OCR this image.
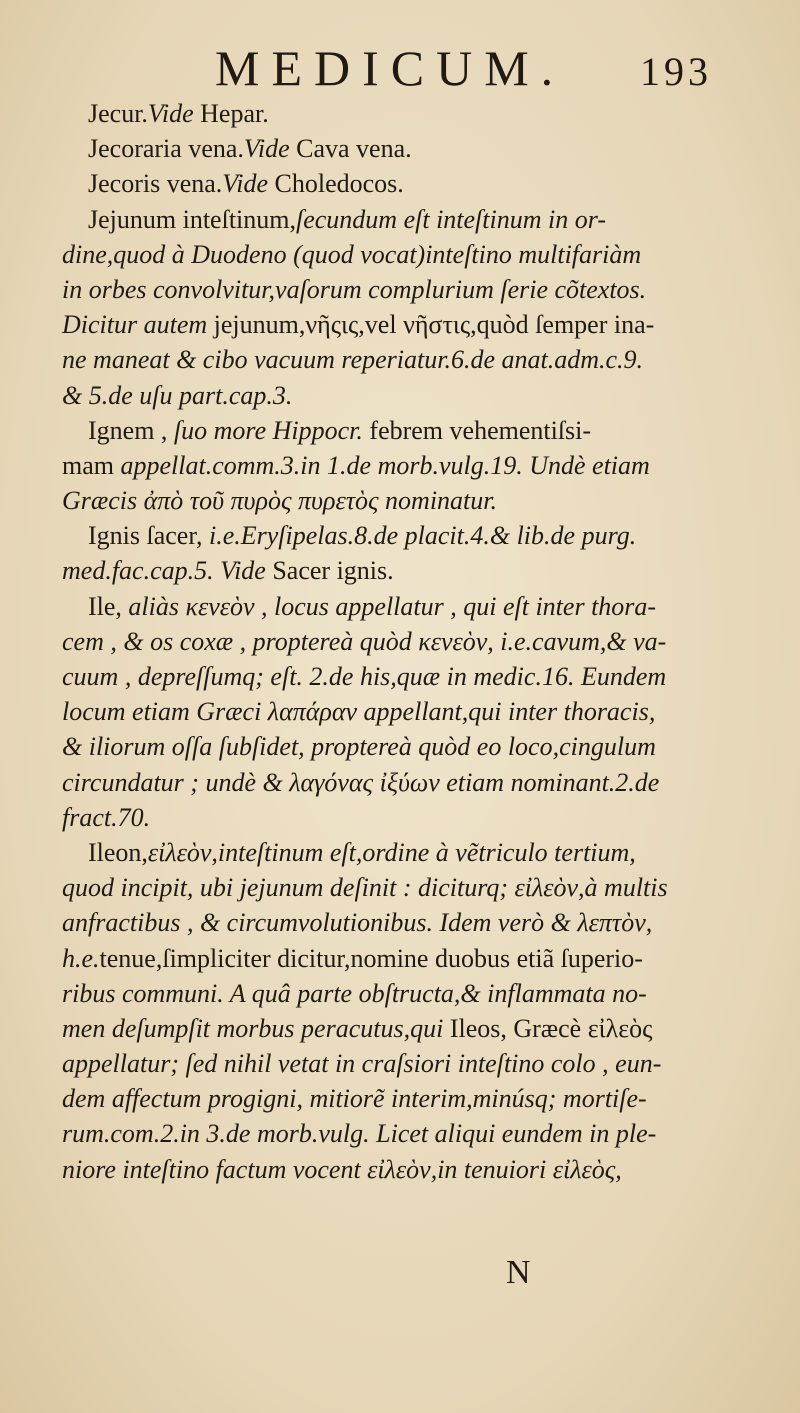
MEDICUM. 193
Jecur.Vide Hepar.
Jecoraria vena.Vide Cava vena.
Jecoris vena.Vide Choledocos.
Jejunum inteſtinum,ſecundum eſt inteſtinum in or-
dine,quod à Duodeno (quod vocat)inteſtino multifariàm
in orbes convolvitur,vaſorum complurium ſerie cõtextos.
Dicitur autem jejunum,νῆςις,vel νῆστις,quòd ſemper ina-
ne maneat & cibo vacuum reperiatur.6.de anat.adm.c.9.
& 5.de uſu part.cap.3.
Ignem , ſuo more Hippocr. febrem vehementiſsi-
mam appellat.comm.3.in 1.de morb.vulg.19. Undè etiam
Græcis ἀπὸ τοῦ πυρὸς πυρετὸς nominatur.
Ignis ſacer, i.e.Eryſipelas.8.de placit.4.& lib.de purg.
med.fac.cap.5. Vide Sacer ignis.
Ile, aliàs κενεὸν , locus appellatur , qui eſt inter thora-
cem , & os coxæ , proptereà quòd κενεὸν, i.e.cavum,& va-
cuum , depreſſumq; eſt. 2.de his,quæ in medic.16. Eundem
locum etiam Græci λαπάραν appellant,qui inter thoracis,
& iliorum oſſa ſubſidet, proptereà quòd eo loco,cingulum
circundatur ; undè & λαγόνας ἰξύων etiam nominant.2.de
fract.70.
Ileon,εἰλεὸν,inteſtinum eſt,ordine à vẽtriculo tertium,
quod incipit, ubi jejunum deſinit : diciturq; εἰλεὸν,à multis
anfractibus , & circumvolutionibus. Idem verò & λεπτὸν,
h.e.tenue,ſimpliciter dicitur,nomine duobus etiã ſuperio-
ribus communi. A quâ parte obſtructa,& inflammata no-
men deſumpſit morbus peracutus,qui Ileos, Græcè εἰλεὸς
appellatur; ſed nihil vetat in craſsiori inteſtino colo , eun-
dem affectum progigni, mitiorẽ interim,minúsq; mortiſe-
rum.com.2.in 3.de morb.vulg. Licet aliqui eundem in ple-
niore inteſtino factum vocent εἰλεὸν,in tenuiori εἰλεὸς,
N
